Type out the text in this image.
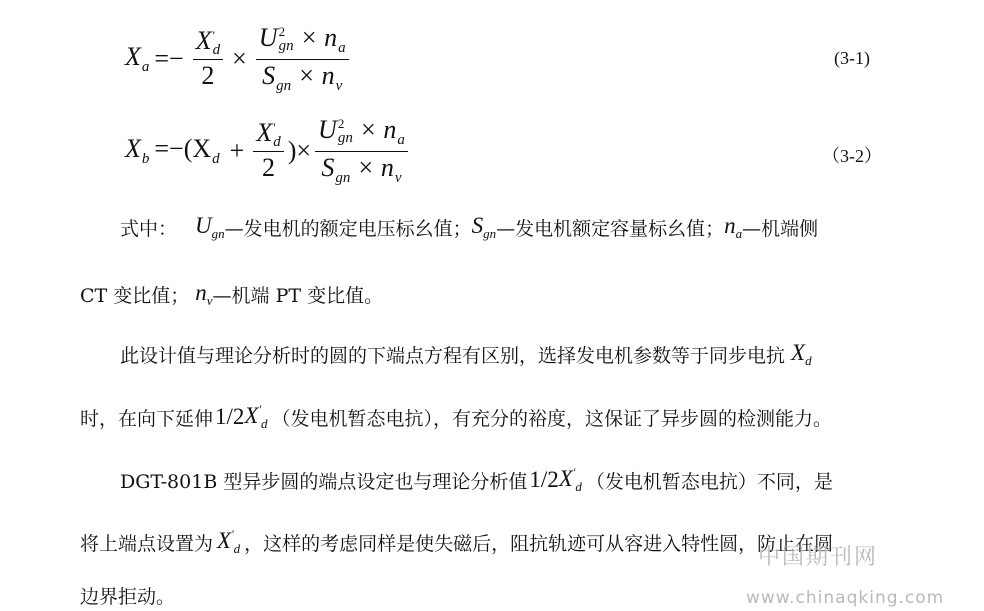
$X_a =- X$ '
d
2 × U 2
gn × $n_a$
$S_{gn} \times n_v$	(3-1)
$X_b =-(X_d + X$ '
d
2 )× U 2
gn × $n_a$
$S_{gn} \times n_v$	（3-2）
式中： $U_{gn}$ —发电机的额定电压标幺值； $S_{gn}$ —发电机额定容量标幺值； $n_a$ —机端侧
CT 变比值； $n_v$ —机端 PT 变比值。
此设计值与理论分析时的圆的下端点方程有区别，选择发电机参数等于同步电抗 $X_d$
时，在向下延伸 1/2 $X'_d$ （发电机暂态电抗），有充分的裕度，这保证了异步圆的检测能力。
DGT-801B 型异步圆的端点设定也与理论分析值 1/2 $X'_d$ （发电机暂态电抗）不同，是
将上端点设置为 $X'_d$ ，这样的考虑同样是使失磁后，阻抗轨迹可从容进入特性圆，防止在圆
边界拒动。
中国期刊网
www.chinaqking.com
